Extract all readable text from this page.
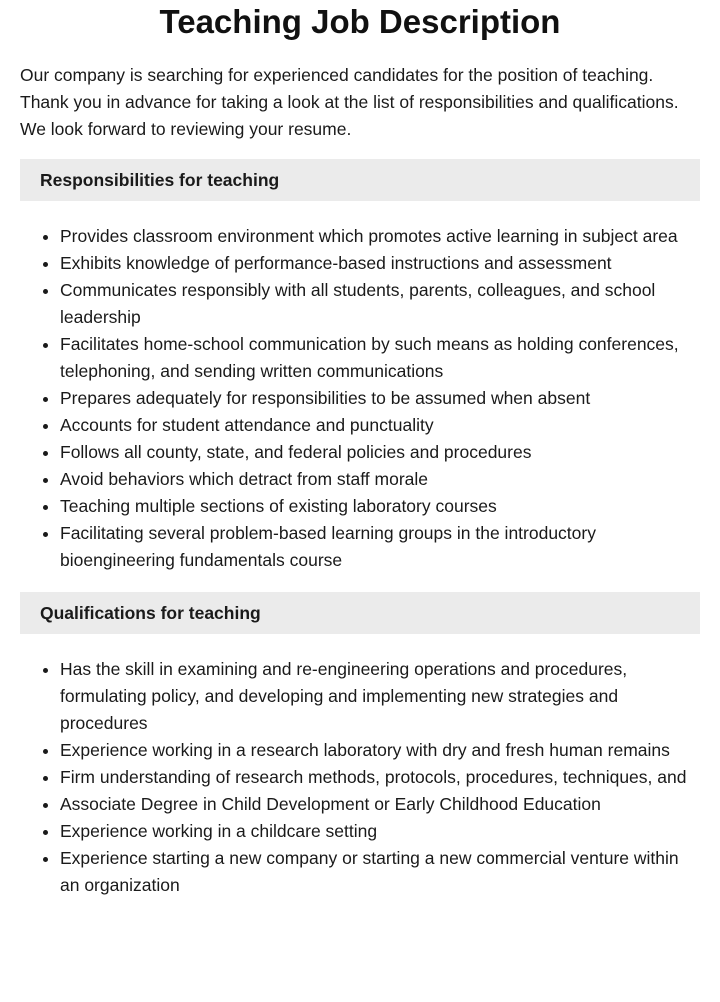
Teaching Job Description

Our company is searching for experienced candidates for the position of teaching. Thank you in advance for taking a look at the list of responsibilities and qualifications. We look forward to reviewing your resume.

Responsibilities for teaching
• Provides classroom environment which promotes active learning in subject area
• Exhibits knowledge of performance-based instructions and assessment
• Communicates responsibly with all students, parents, colleagues, and school leadership
• Facilitates home-school communication by such means as holding conferences, telephoning, and sending written communications
• Prepares adequately for responsibilities to be assumed when absent
• Accounts for student attendance and punctuality
• Follows all county, state, and federal policies and procedures
• Avoid behaviors which detract from staff morale
• Teaching multiple sections of existing laboratory courses
• Facilitating several problem-based learning groups in the introductory bioengineering fundamentals course
Qualifications for teaching
• Has the skill in examining and re-engineering operations and procedures, formulating policy, and developing and implementing new strategies and procedures
• Experience working in a research laboratory with dry and fresh human remains
• Firm understanding of research methods, protocols, procedures, techniques, and
• Associate Degree in Child Development or Early Childhood Education
• Experience working in a childcare setting
• Experience starting a new company or starting a new commercial venture within an organization
